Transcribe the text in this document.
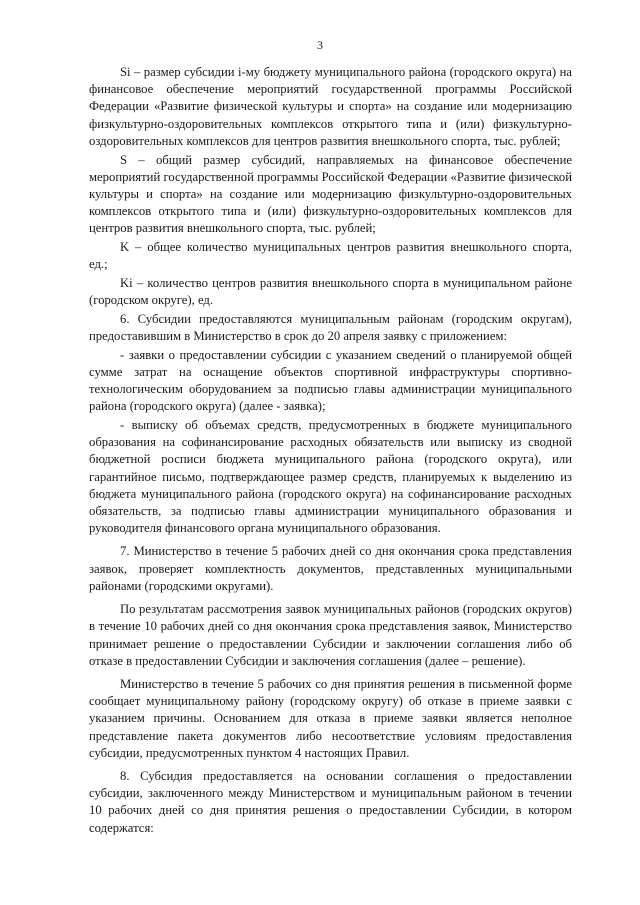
3

Si – размер субсидии i-му бюджету муниципального района (городского округа) на финансовое обеспечение мероприятий государственной программы Российской Федерации «Развитие физической культуры и спорта» на создание или модернизацию физкультурно-оздоровительных комплексов открытого типа и (или) физкультурно-оздоровительных комплексов для центров развития внешкольного спорта, тыс. рублей;

S – общий размер субсидий, направляемых на финансовое обеспечение мероприятий государственной программы Российской Федерации «Развитие физической культуры и спорта» на создание или модернизацию физкультурно-оздоровительных комплексов открытого типа и (или) физкультурно-оздоровительных комплексов для центров развития внешкольного спорта, тыс. рублей;

K – общее количество муниципальных центров развития внешкольного спорта, ед.;

Ki – количество центров развития внешкольного спорта в муниципальном районе (городском округе), ед.

6. Субсидии предоставляются муниципальным районам (городским округам), предоставившим в Министерство в срок до 20 апреля заявку с приложением:

- заявки о предоставлении субсидии с указанием сведений о планируемой общей сумме затрат на оснащение объектов спортивной инфраструктуры спортивно-технологическим оборудованием за подписью главы администрации муниципального района (городского округа) (далее - заявка);

- выписку об объемах средств, предусмотренных в бюджете муниципального образования на софинансирование расходных обязательств или выписку из сводной бюджетной росписи бюджета муниципального района (городского округа), или гарантийное письмо, подтверждающее размер средств, планируемых к выделению из бюджета муниципального района (городского округа) на софинансирование расходных обязательств, за подписью главы администрации муниципального образования и руководителя финансового органа муниципального образования.

7. Министерство в течение 5 рабочих дней со дня окончания срока представления заявок, проверяет комплектность документов, представленных муниципальными районами (городскими округами).

По результатам рассмотрения заявок муниципальных районов (городских округов) в течение 10 рабочих дней со дня окончания срока представления заявок, Министерство принимает решение о предоставлении Субсидии и заключении соглашения либо об отказе в предоставлении Субсидии и заключения соглашения (далее – решение).

Министерство в течение 5 рабочих со дня принятия решения в письменной форме сообщает муниципальному району (городскому округу) об отказе в приеме заявки с указанием причины. Основанием для отказа в приеме заявки является неполное представление пакета документов либо несоответствие условиям предоставления субсидии, предусмотренных пунктом 4 настоящих Правил.

8. Субсидия предоставляется на основании соглашения о предоставлении субсидии, заключенного между Министерством и муниципальным районом в течении 10 рабочих дней со дня принятия решения о предоставлении Субсидии, в котором содержатся:
